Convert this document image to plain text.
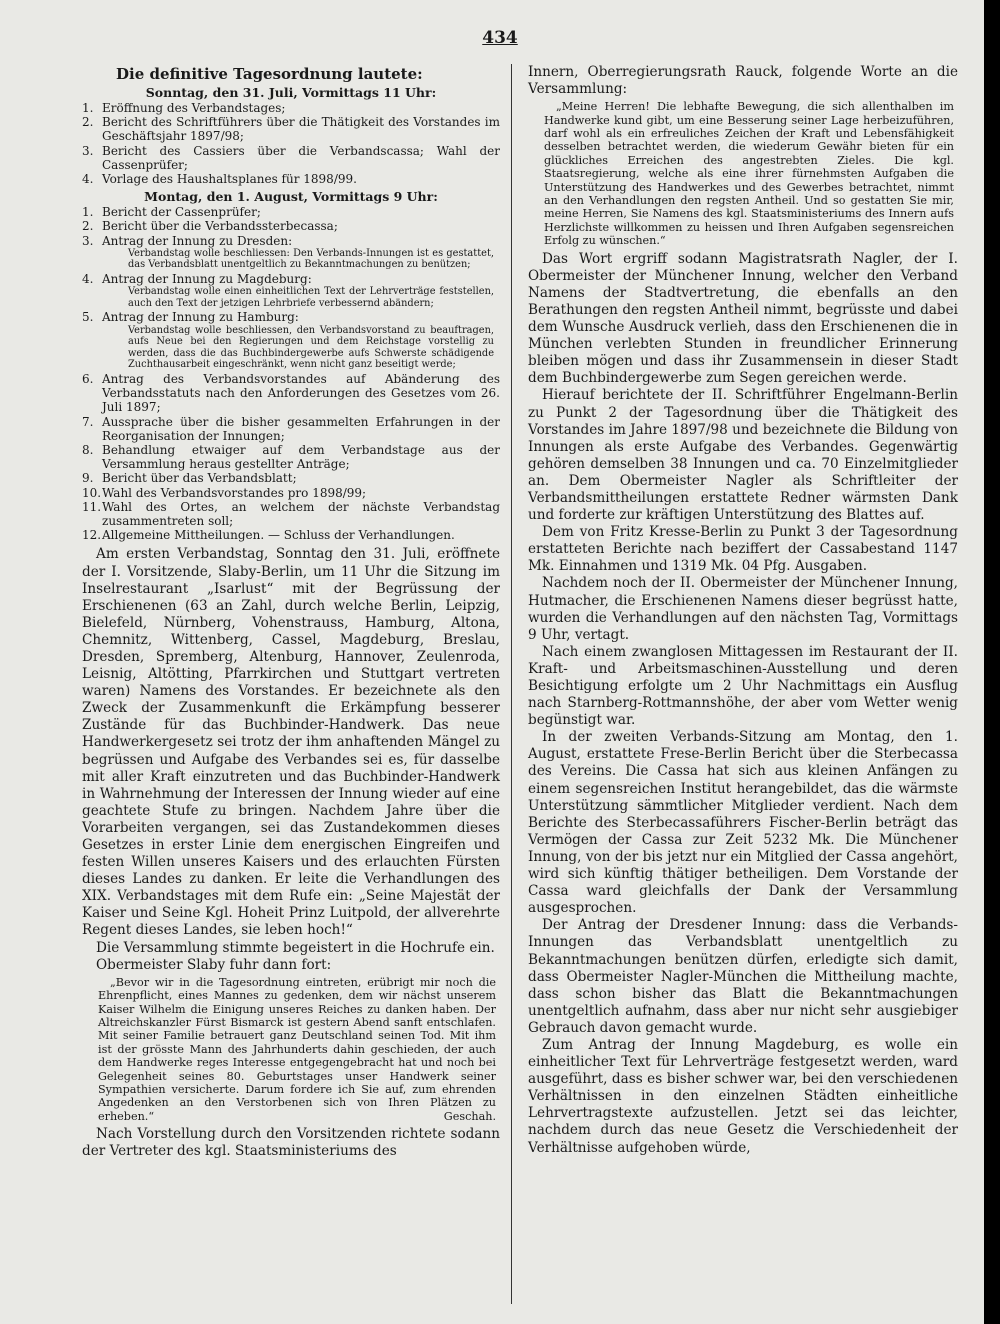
434

Die definitive Tagesordnung lautete:

Sonntag, den 31. Juli, Vormittags 11 Uhr:

1. Eröffnung des Verbandstages;
2. Bericht des Schriftführers über die Thätigkeit des Vorstandes im Geschäftsjahr 1897/98;
3. Bericht des Cassiers über die Verbandscassa; Wahl der Cassenprüfer;
4. Vorlage des Haushaltsplanes für 1898/99.

Montag, den 1. August, Vormittags 9 Uhr:

1. Bericht der Cassenprüfer;
2. Bericht über die Verbandssterbecassa;
3. Antrag der Innung zu Dresden:
Verbandstag wolle beschliessen: Den Verbands-Innungen ist es gestattet, das Verbandsblatt unentgeltlich zu Bekanntmachungen zu benützen;
4. Antrag der Innung zu Magdeburg:
Verbandstag wolle einen einheitlichen Text der Lehrverträge feststellen, auch den Text der jetzigen Lehrbriefe verbessernd abändern;
5. Antrag der Innung zu Hamburg:
Verbandstag wolle beschliessen, den Verbandsvorstand zu beauftragen, aufs Neue bei den Regierungen und dem Reichstage vorstellig zu werden, dass die das Buchbindergewerbe aufs Schwerste schädigende Zuchthausarbeit eingeschränkt, wenn nicht ganz beseitigt werde;
6. Antrag des Verbandsvorstandes auf Abänderung des Verbandsstatuts nach den Anforderungen des Gesetzes vom 26. Juli 1897;
7. Aussprache über die bisher gesammelten Erfahrungen in der Reorganisation der Innungen;
8. Behandlung etwaiger auf dem Verbandstage aus der Versammlung heraus gestellter Anträge;
9. Bericht über das Verbandsblatt;
10. Wahl des Verbandsvorstandes pro 1898/99;
11. Wahl des Ortes, an welchem der nächste Verbandstag zusammentreten soll;
12. Allgemeine Mittheilungen. — Schluss der Verhandlungen.

Am ersten Verbandstag, Sonntag den 31. Juli, eröffnete der I. Vorsitzende, Slaby-Berlin, um 11 Uhr die Sitzung im Inselrestaurant „Isarlust“ mit der Begrüssung der Erschienenen (63 an Zahl, durch welche Berlin, Leipzig, Bielefeld, Nürnberg, Vohenstrauss, Hamburg, Altona, Chemnitz, Wittenberg, Cassel, Magdeburg, Breslau, Dresden, Spremberg, Altenburg, Hannover, Zeulenroda, Leisnig, Altötting, Pfarrkirchen und Stuttgart vertreten waren) Namens des Vorstandes. Er bezeichnete als den Zweck der Zusammenkunft die Erkämpfung besserer Zustände für das Buchbinder-Handwerk. Das neue Handwerkergesetz sei trotz der ihm anhaftenden Mängel zu begrüssen und Aufgabe des Verbandes sei es, für dasselbe mit aller Kraft einzutreten und das Buchbinder-Handwerk in Wahrnehmung der Interessen der Innung wieder auf eine geachtete Stufe zu bringen. Nachdem Jahre über die Vorarbeiten vergangen, sei das Zustandekommen dieses Gesetzes in erster Linie dem energischen Eingreifen und festen Willen unseres Kaisers und des erlauchten Fürsten dieses Landes zu danken. Er leite die Verhandlungen des XIX. Verbandstages mit dem Rufe ein: „Seine Majestät der Kaiser und Seine Kgl. Hoheit Prinz Luitpold, der allverehrte Regent dieses Landes, sie leben hoch!“

Die Versammlung stimmte begeistert in die Hochrufe ein.

Obermeister Slaby fuhr dann fort:

„Bevor wir in die Tagesordnung eintreten, erübrigt mir noch die Ehrenpflicht, eines Mannes zu gedenken, dem wir nächst unserem Kaiser Wilhelm die Einigung unseres Reiches zu danken haben. Der Altreichskanzler Fürst Bismarck ist gestern Abend sanft entschlafen. Mit seiner Familie betrauert ganz Deutschland seinen Tod. Mit ihm ist der grösste Mann des Jahrhunderts dahin geschieden, der auch dem Handwerke reges Interesse entgegengebracht hat und noch bei Gelegenheit seines 80. Geburtstages unser Handwerk seiner Sympathien versicherte. Darum fordere ich Sie auf, zum ehrenden Angedenken an den Verstorbenen sich von Ihren Plätzen zu erheben.“	Geschah.

Nach Vorstellung durch den Vorsitzenden richtete sodann der Vertreter des kgl. Staatsministeriums des

Innern, Oberregierungsrath Rauck, folgende Worte an die Versammlung:

„Meine Herren! Die lebhafte Bewegung, die sich allenthalben im Handwerke kund gibt, um eine Besserung seiner Lage herbeizuführen, darf wohl als ein erfreuliches Zeichen der Kraft und Lebensfähigkeit desselben betrachtet werden, die wiederum Gewähr bieten für ein glückliches Erreichen des angestrebten Zieles. Die kgl. Staatsregierung, welche als eine ihrer fürnehmsten Aufgaben die Unterstützung des Handwerkes und des Gewerbes betrachtet, nimmt an den Verhandlungen den regsten Antheil. Und so gestatten Sie mir, meine Herren, Sie Namens des kgl. Staatsministeriums des Innern aufs Herzlichste willkommen zu heissen und Ihren Aufgaben segensreichen Erfolg zu wünschen.“

Das Wort ergriff sodann Magistratsrath Nagler, der I. Obermeister der Münchener Innung, welcher den Verband Namens der Stadtvertretung, die ebenfalls an den Berathungen den regsten Antheil nimmt, begrüsste und dabei dem Wunsche Ausdruck verlieh, dass den Erschienenen die in München verlebten Stunden in freundlicher Erinnerung bleiben mögen und dass ihr Zusammensein in dieser Stadt dem Buchbindergewerbe zum Segen gereichen werde.

Hierauf berichtete der II. Schriftführer Engelmann-Berlin zu Punkt 2 der Tagesordnung über die Thätigkeit des Vorstandes im Jahre 1897/98 und bezeichnete die Bildung von Innungen als erste Aufgabe des Verbandes. Gegenwärtig gehören demselben 38 Innungen und ca. 70 Einzelmitglieder an. Dem Obermeister Nagler als Schriftleiter der Verbandsmittheilungen erstattete Redner wärmsten Dank und forderte zur kräftigen Unterstützung des Blattes auf.

Dem von Fritz Kresse-Berlin zu Punkt 3 der Tagesordnung erstatteten Berichte nach beziffert der Cassabestand 1147 Mk. Einnahmen und 1319 Mk. 04 Pfg. Ausgaben.

Nachdem noch der II. Obermeister der Münchener Innung, Hutmacher, die Erschienenen Namens dieser begrüsst hatte, wurden die Verhandlungen auf den nächsten Tag, Vormittags 9 Uhr, vertagt.

Nach einem zwanglosen Mittagessen im Restaurant der II. Kraft- und Arbeitsmaschinen-Ausstellung und deren Besichtigung erfolgte um 2 Uhr Nachmittags ein Ausflug nach Starnberg-Rottmannshöhe, der aber vom Wetter wenig begünstigt war.

In der zweiten Verbands-Sitzung am Montag, den 1. August, erstattete Frese-Berlin Bericht über die Sterbecassa des Vereins. Die Cassa hat sich aus kleinen Anfängen zu einem segensreichen Institut herangebildet, das die wärmste Unterstützung sämmtlicher Mitglieder verdient. Nach dem Berichte des Sterbecassaführers Fischer-Berlin beträgt das Vermögen der Cassa zur Zeit 5232 Mk. Die Münchener Innung, von der bis jetzt nur ein Mitglied der Cassa angehört, wird sich künftig thätiger betheiligen. Dem Vorstande der Cassa ward gleichfalls der Dank der Versammlung ausgesprochen.

Der Antrag der Dresdener Innung: dass die Verbands-Innungen das Verbandsblatt unentgeltlich zu Bekanntmachungen benützen dürfen, erledigte sich damit, dass Obermeister Nagler-München die Mittheilung machte, dass schon bisher das Blatt die Bekanntmachungen unentgeltlich aufnahm, dass aber nur nicht sehr ausgiebiger Gebrauch davon gemacht wurde.

Zum Antrag der Innung Magdeburg, es wolle ein einheitlicher Text für Lehrverträge festgesetzt werden, ward ausgeführt, dass es bisher schwer war, bei den verschiedenen Verhältnissen in den einzelnen Städten einheitliche Lehrvertragstexte aufzustellen. Jetzt sei das leichter, nachdem durch das neue Gesetz die Verschiedenheit der Verhältnisse aufgehoben würde,
